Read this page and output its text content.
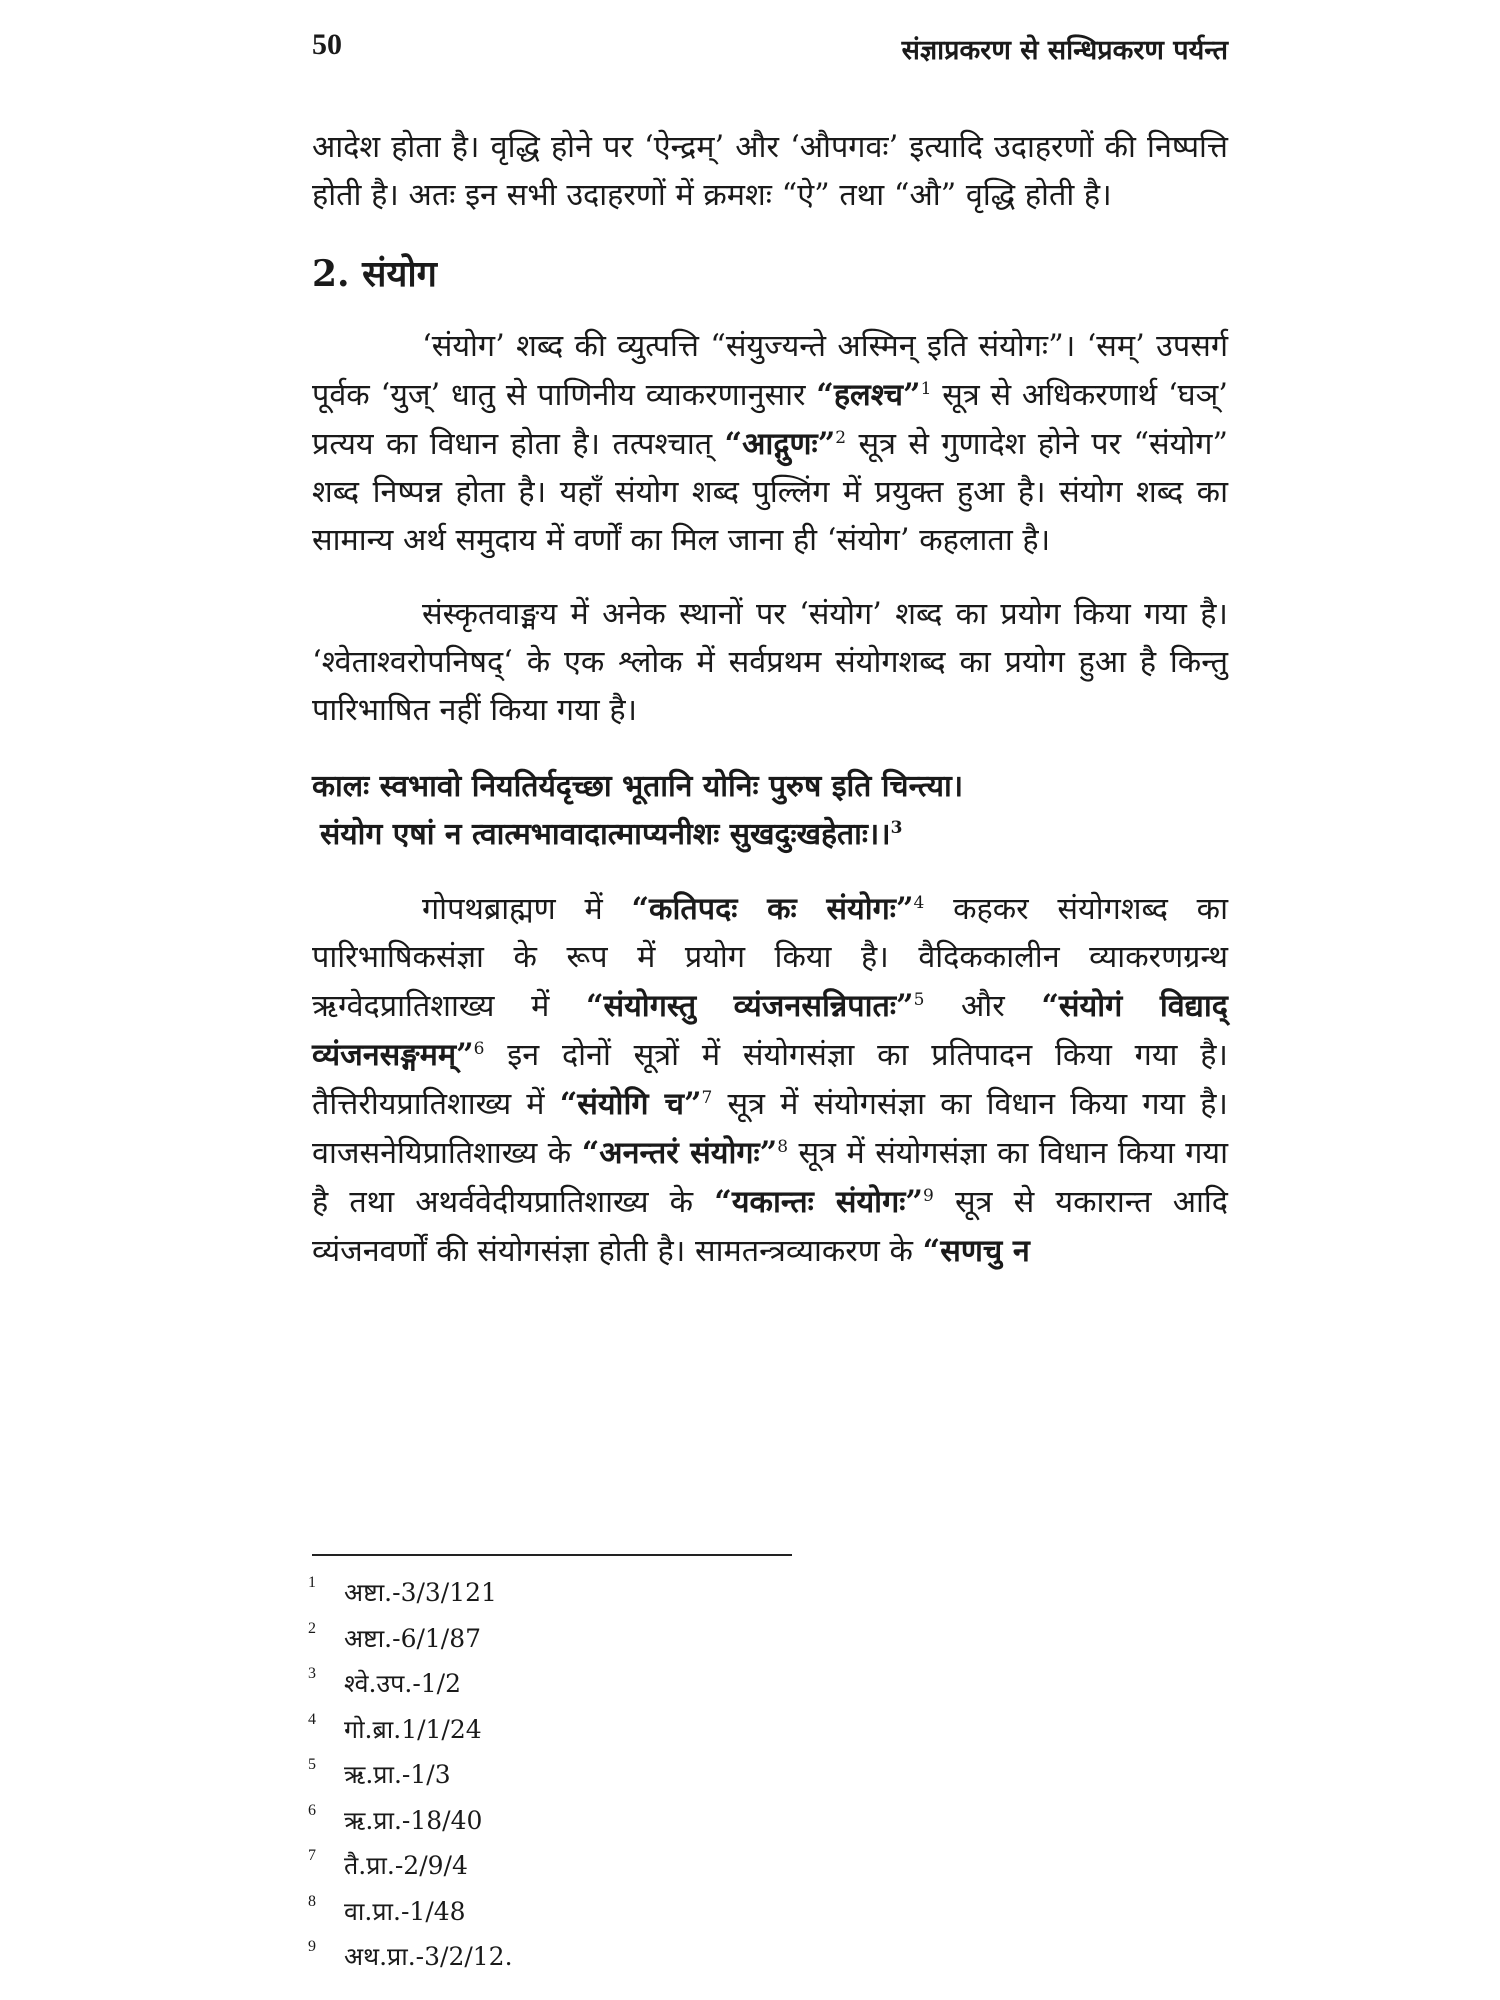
50	संज्ञाप्रकरण से सन्धिप्रकरण पर्यन्त

आदेश होता है। वृद्धि होने पर ‘ऐन्द्रम्’ और ‘औपगवः’ इत्यादि उदाहरणों की निष्पत्ति होती है। अतः इन सभी उदाहरणों में क्रमशः “ऐ” तथा “औ” वृद्धि होती है।

2. संयोग

‘संयोग’ शब्द की व्युत्पत्ति “संयुज्यन्ते अस्मिन् इति संयोगः”। ‘सम्’ उपसर्ग पूर्वक ‘युज्’ धातु से पाणिनीय व्याकरणानुसार “हलश्च”$^1$ सूत्र से अधिकरणार्थ ‘घञ्’ प्रत्यय का विधान होता है। तत्पश्चात् “आद्गुणः”$^2$ सूत्र से गुणादेश होने पर “संयोग” शब्द निष्पन्न होता है। यहाँ संयोग शब्द पुल्लिंग में प्रयुक्त हुआ है। संयोग शब्द का सामान्य अर्थ समुदाय में वर्णों का मिल जाना ही ‘संयोग’ कहलाता है।

संस्कृतवाङ्मय में अनेक स्थानों पर ‘संयोग’ शब्द का प्रयोग किया गया है। ‘श्वेताश्वरोपनिषद्‘ के एक श्लोक में सर्वप्रथम संयोगशब्द का प्रयोग हुआ है किन्तु पारिभाषित नहीं किया गया है।

कालः स्वभावो नियतिर्यदृच्छा भूतानि योनिः पुरुष इति चिन्त्या।
संयोग एषां न त्वात्मभावादात्माप्यनीशः सुखदुःखहेताः।।$^3$

गोपथब्राह्मण में “कतिपदः कः संयोगः”$^4$ कहकर संयोगशब्द का पारिभाषिकसंज्ञा के रूप में प्रयोग किया है। वैदिककालीन व्याकरणग्रन्थ ऋग्वेदप्रातिशाख्य में “संयोगस्तु व्यंजनसन्निपातः”$^5$ और “संयोगं विद्याद् व्यंजनसङ्गमम्”$^6$ इन दोनों सूत्रों में संयोगसंज्ञा का प्रतिपादन किया गया है। तैत्तिरीयप्रातिशाख्य में “संयोगि च”$^7$ सूत्र में संयोगसंज्ञा का विधान किया गया है। वाजसनेयिप्रातिशाख्य के “अनन्तरं संयोगः”$^8$ सूत्र में संयोगसंज्ञा का विधान किया गया है तथा अथर्ववेदीयप्रातिशाख्य के “यकान्तः संयोगः”$^9$ सूत्र से यकारान्त आदि व्यंजनवर्णों की संयोगसंज्ञा होती है। सामतन्त्रव्याकरण के “सणचु न

1 अष्टा.-3/3/121
2 अष्टा.-6/1/87
3 श्वे.उप.-1/2
4 गो.ब्रा.1/1/24
5 ऋ.प्रा.-1/3
6 ऋ.प्रा.-18/40
7 तै.प्रा.-2/9/4
8 वा.प्रा.-1/48
9 अथ.प्रा.-3/2/12.
